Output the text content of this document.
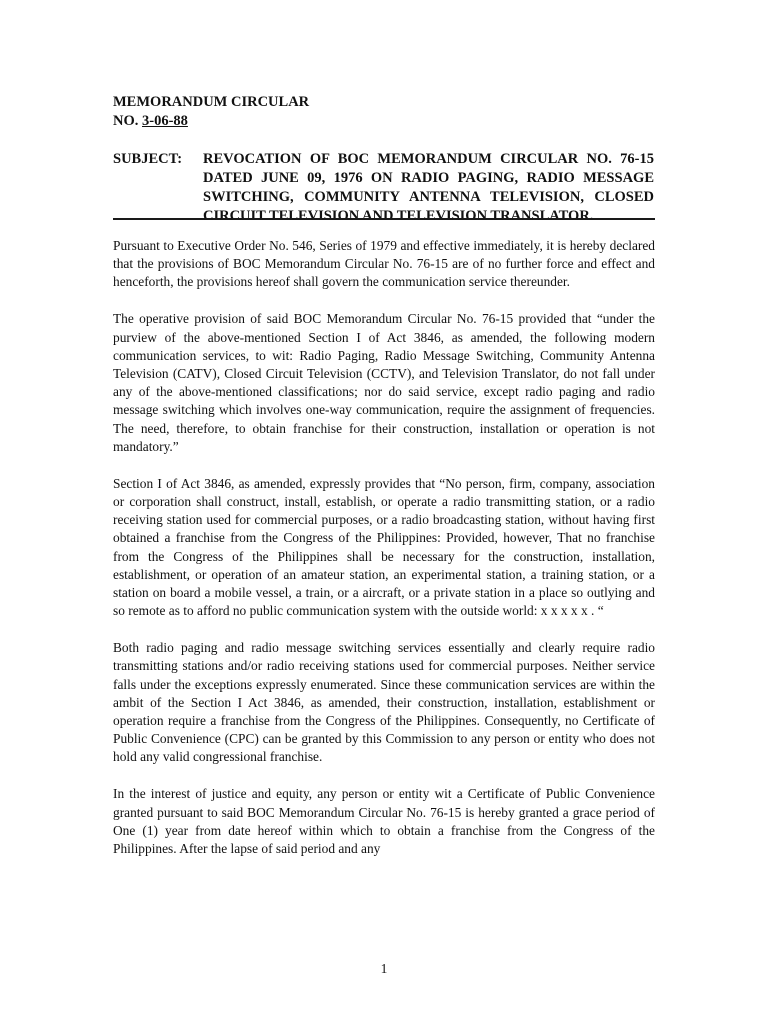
MEMORANDUM CIRCULAR
NO. 3-06-88
SUBJECT:	REVOCATION OF BOC MEMORANDUM CIRCULAR NO. 76-15 DATED JUNE 09, 1976 ON RADIO PAGING, RADIO MESSAGE SWITCHING, COMMUNITY ANTENNA TELEVISION, CLOSED CIRCUIT TELEVISION AND TELEVISION TRANSLATOR.

Pursuant to Executive Order No. 546, Series of 1979 and effective immediately, it is hereby declared that the provisions of BOC Memorandum Circular No. 76-15 are of no further force and effect and henceforth, the provisions hereof shall govern the communication service thereunder.

The operative provision of said BOC Memorandum Circular No. 76-15 provided that “under the purview of the above-mentioned Section I of Act 3846, as amended, the following modern communication services, to wit: Radio Paging, Radio Message Switching, Community Antenna Television (CATV), Closed Circuit Television (CCTV), and Television Translator, do not fall under any of the above-mentioned classifications; nor do said service, except radio paging and radio message switching which involves one-way communication, require the assignment of frequencies. The need, therefore, to obtain franchise for their construction, installation or operation is not mandatory.”

Section I of Act 3846, as amended, expressly provides that “No person, firm, company, association or corporation shall construct, install, establish, or operate a radio transmitting station, or a radio receiving station used for commercial purposes, or a radio broadcasting station, without having first obtained a franchise from the Congress of the Philippines: Provided, however, That no franchise from the Congress of the Philippines shall be necessary for the construction, installation, establishment, or operation of an amateur station, an experimental station, a training station, or a station on board a mobile vessel, a train, or a aircraft, or a private station in a place so outlying and so remote as to afford no public communication system with the outside world: x x x x x . “

Both radio paging and radio message switching services essentially and clearly require radio transmitting stations and/or radio receiving stations used for commercial purposes. Neither service falls under the exceptions expressly enumerated. Since these communication services are within the ambit of the Section I Act 3846, as amended, their construction, installation, establishment or operation require a franchise from the Congress of the Philippines. Consequently, no Certificate of Public Convenience (CPC) can be granted by this Commission to any person or entity who does not hold any valid congressional franchise.

In the interest of justice and equity, any person or entity wit a Certificate of Public Convenience granted pursuant to said BOC Memorandum Circular No. 76-15 is hereby granted a grace period of One (1) year from date hereof within which to obtain a franchise from the Congress of the Philippines. After the lapse of said period and any

1
